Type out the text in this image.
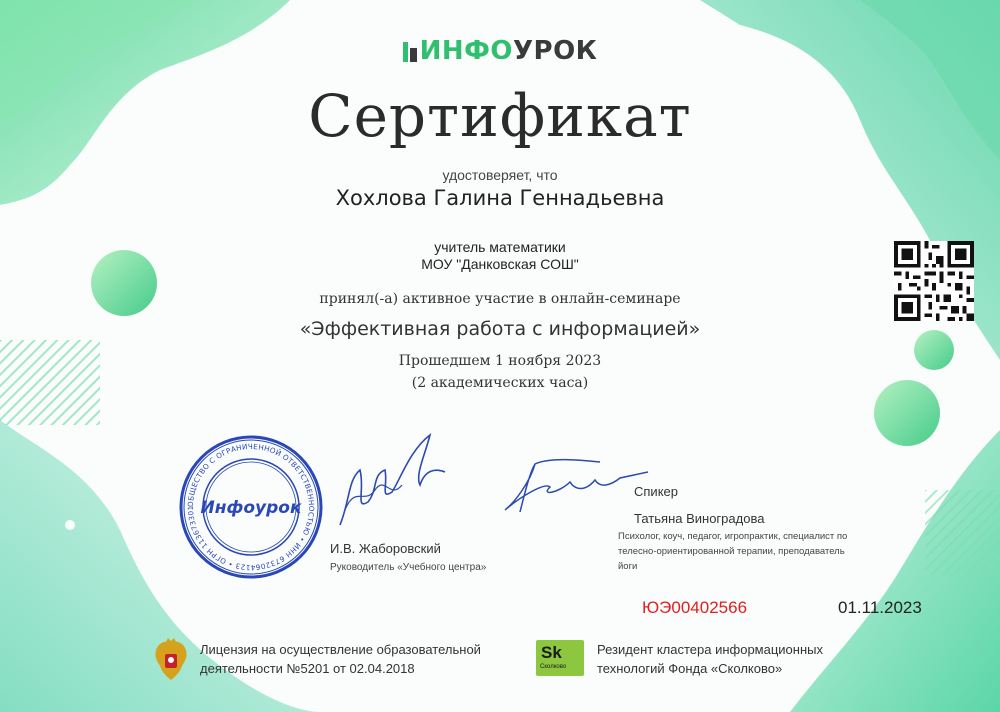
ИНФОУРОК
Сертификат
удостоверяет, что
Хохлова Галина Геннадьевна
учитель математики
МОУ "Данковская СОШ"
принял(-а) активное участие в онлайн-семинаре
«Эффективная работа с информацией»
Прошедшем 1 ноября 2023
(2 академических часа)
ОБЩЕСТВО С ОГРАНИЧЕННОЙ ОТВЕТСТВЕННОСТЬЮ • ИНН 6732064123 • ОГРН 113673301 Инфоурок
И.В. Жаборовский
Руководитель «Учебного центра»
Спикер
Татьяна Виноградова
Психолог, коуч, педагог, игропрактик, специалист по телесно-ориентированной терапии, преподаватель йоги
ЮЭ00402566	01.11.2023
Лицензия на осуществление образовательной
деятельности №5201 от 02.04.2018
Sk
Сколково
Резидент кластера информационных
технологий Фонда «Сколково»
